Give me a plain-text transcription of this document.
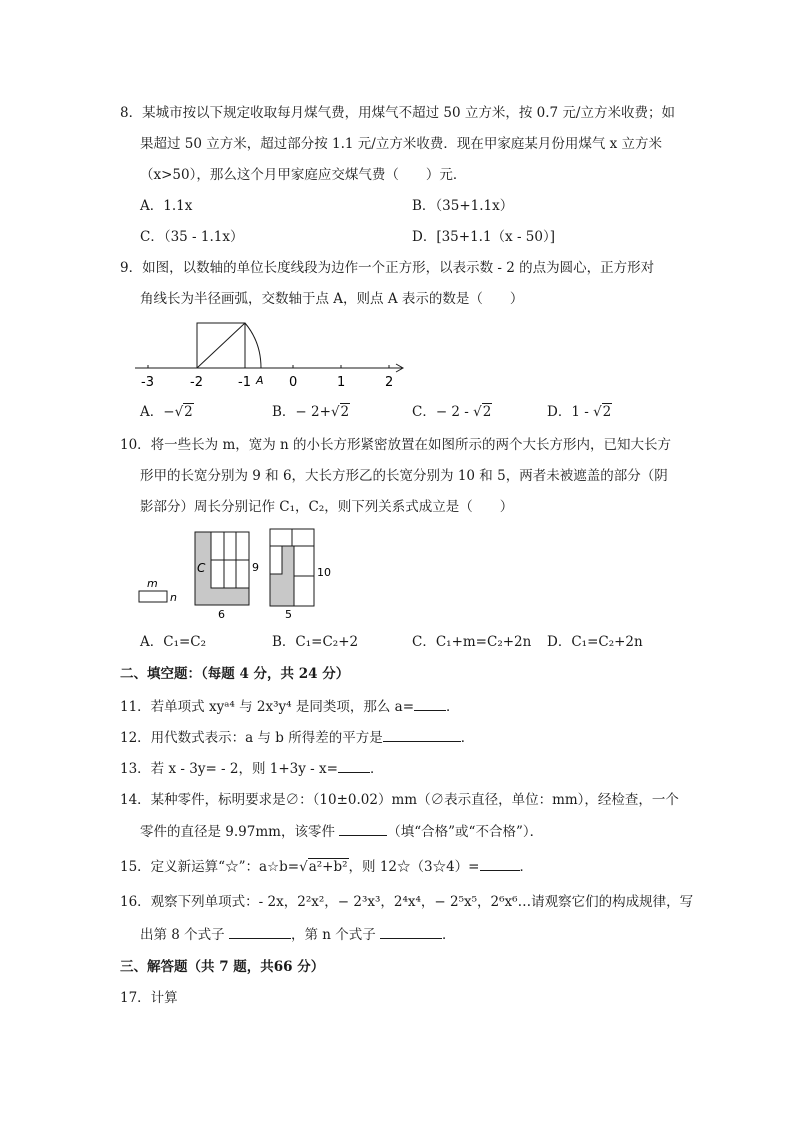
8．某城市按以下规定收取每月煤气费，用煤气不超过 50 立方米，按 0.7 元/立方米收费；如
果超过 50 立方米，超过部分按 1.1 元/立方米收费．现在甲家庭某月份用煤气 x 立方米
（x>50），那么这个月甲家庭应交煤气费（　　）元．
A．1.1x	B．（35+1.1x）
C．（35 - 1.1x）	D．[35+1.1（x - 50）]
9．如图，以数轴的单位长度线段为边作一个正方形，以表示数 - 2 的点为圆心，正方形对
角线长为半径画弧，交数轴于点 A，则点 A 表示的数是（　　）
-3	-2	-1 A 0	1	2
A．−√2	B．− 2+√2	C．− 2 - √2	D．1 - √2
10．将一些长为 m，宽为 n 的小长方形紧密放置在如图所示的两个大长方形内，已知大长方
形甲的长宽分别为 9 和 6，大长方形乙的长宽分别为 10 和 5，两者未被遮盖的部分（阴
影部分）周长分别记作 C₁，C₂，则下列关系式成立是（　　）
m
n
C	9
6
10
5
A．C₁=C₂	B．C₁=C₂+2	C．C₁+m=C₂+2n D．C₁=C₂+2n
二、填空题：（每题 4 分，共 24 分）
11．若单项式 xyᵃ⁴ 与 2x³y⁴ 是同类项，那么 a= ．
12．用代数式表示：a 与 b 所得差的平方是	．
13．若 x - 3y= - 2，则 1+3y - x= ．
14．某种零件，标明要求是∅：（10±0.02）mm（∅表示直径，单位：mm），经检查，一个
零件的直径是 9.97mm，该零件	（填“合格”或“不合格”）．
15．定义新运算“☆”：a☆b=√a²+b²，则 12☆（3☆4）=	．
16．观察下列单项式：- 2x，2²x²，− 2³x³，2⁴x⁴，− 2⁵x⁵，2⁶x⁶…请观察它们的构成规律，写
出第 8 个式子	，第 n 个式子	．
三、解答题（共 7 题，共66 分）
17．计算
